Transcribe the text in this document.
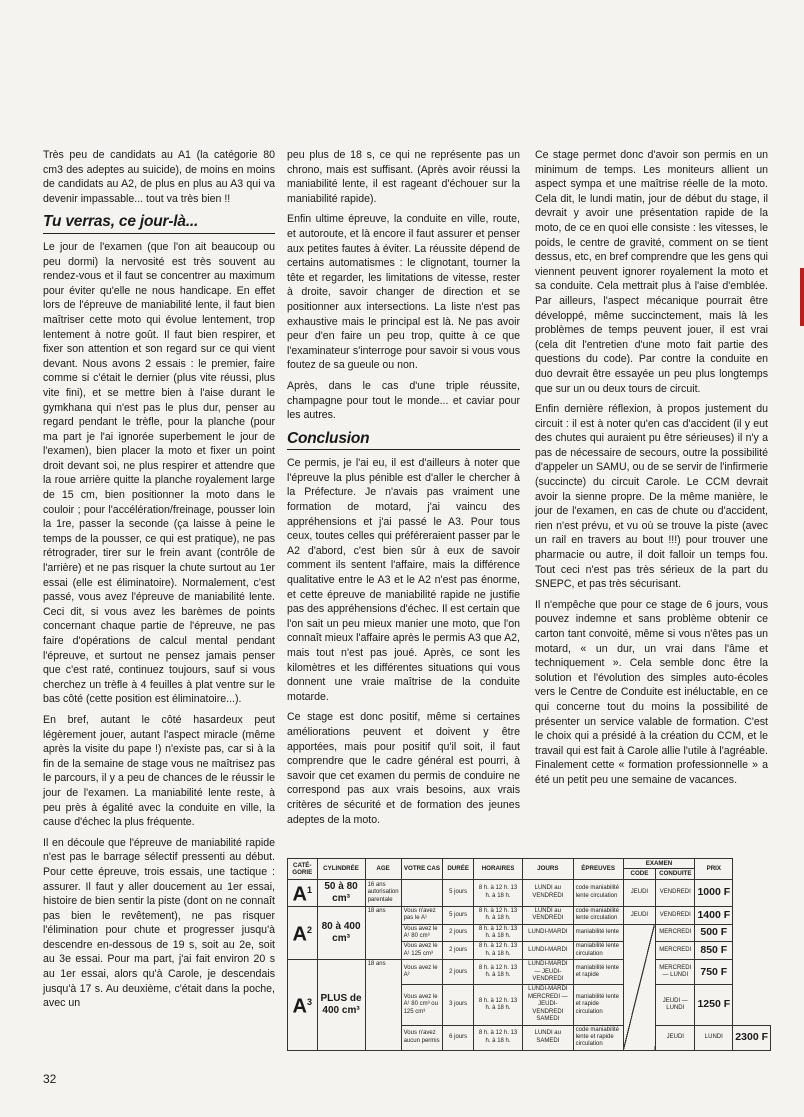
Très peu de candidats au A1 (la catégorie 80 cm3 des adeptes au suicide), de moins en moins de candidats au A2, de plus en plus au A3 qui va devenir impassable... tout va très bien !!

Tu verras, ce jour-là...

Le jour de l'examen (que l'on ait beaucoup ou peu dormi) la nervosité est très souvent au rendez-vous et il faut se concentrer au maximum pour éviter qu'elle ne nous handicape. En effet lors de l'épreuve de maniabilité lente, il faut bien maîtriser cette moto qui évolue lentement, trop lentement à notre goût. Il faut bien respirer, et fixer son attention et son regard sur ce qui vient devant. Nous avons 2 essais : le premier, faire comme si c'était le dernier (plus vite réussi, plus vite fini), et se mettre bien à l'aise durant le gymkhana qui n'est pas le plus dur, penser au regard pendant le trèfle, pour la planche (pour ma part je l'ai ignorée superbement le jour de l'examen), bien placer la moto et fixer un point droit devant soi, ne plus respirer et attendre que la roue arrière quitte la planche royalement large de 15 cm, bien positionner la moto dans le couloir ; pour l'accélération/freinage, pousser loin la 1re, passer la seconde (ça laisse à peine le temps de la pousser, ce qui est pratique), ne pas rétrograder, tirer sur le frein avant (contrôle de l'arrière) et ne pas risquer la chute surtout au 1er essai (elle est éliminatoire). Normalement, c'est passé, vous avez l'épreuve de maniabilité lente. Ceci dit, si vous avez les barèmes de points concernant chaque partie de l'épreuve, ne pas faire d'opérations de calcul mental pendant l'épreuve, et surtout ne pensez jamais penser que c'est raté, continuez toujours, sauf si vous cherchez un trèfle à 4 feuilles à plat ventre sur le bas côté (cette position est éliminatoire...).

En bref, autant le côté hasardeux peut légèrement jouer, autant l'aspect miracle (même après la visite du pape !) n'existe pas, car si à la fin de la semaine de stage vous ne maîtrisez pas le parcours, il y a peu de chances de le réussir le jour de l'examen. La maniabilité lente reste, à peu près à égalité avec la conduite en ville, la cause d'échec la plus fréquente.

Il en découle que l'épreuve de maniabilité rapide n'est pas le barrage sélectif pressenti au début. Pour cette épreuve, trois essais, une tactique : assurer. Il faut y aller doucement au 1er essai, histoire de bien sentir la piste (dont on ne connaît pas bien le revêtement), ne pas risquer l'élimination pour chute et progresser jusqu'à descendre en-dessous de 19 s, soit au 2e, soit au 3e essai. Pour ma part, j'ai fait environ 20 s au 1er essai, alors qu'à Carole, je descendais jusqu'à 17 s. Au deuxième, c'était dans la poche, avec un

peu plus de 18 s, ce qui ne représente pas un chrono, mais est suffisant. (Après avoir réussi la maniabilité lente, il est rageant d'échouer sur la maniabilité rapide).

Enfin ultime épreuve, la conduite en ville, route, et autoroute, et là encore il faut assurer et penser aux petites fautes à éviter. La réussite dépend de certains automatismes : le clignotant, tourner la tête et regarder, les limitations de vitesse, rester à droite, savoir changer de direction et se positionner aux intersections. La liste n'est pas exhaustive mais le principal est là. Ne pas avoir peur d'en faire un peu trop, quitte à ce que l'examinateur s'interroge pour savoir si vous vous foutez de sa gueule ou non.

Après, dans le cas d'une triple réussite, champagne pour tout le monde... et caviar pour les autres.

Conclusion

Ce permis, je l'ai eu, il est d'ailleurs à noter que l'épreuve la plus pénible est d'aller le chercher à la Préfecture. Je n'avais pas vraiment une formation de motard, j'ai vaincu des appréhensions et j'ai passé le A3. Pour tous ceux, toutes celles qui préféreraient passer par le A2 d'abord, c'est bien sûr à eux de savoir comment ils sentent l'affaire, mais la différence qualitative entre le A3 et le A2 n'est pas énorme, et cette épreuve de maniabilité rapide ne justifie pas des appréhensions d'échec. Il est certain que l'on sait un peu mieux manier une moto, que l'on connaît mieux l'affaire après le permis A3 que A2, mais tout n'est pas joué. Après, ce sont les kilomètres et les différentes situations qui vous donnent une vraie maîtrise de la conduite motarde.

Ce stage est donc positif, même si certaines améliorations peuvent et doivent y être apportées, mais pour positif qu'il soit, il faut comprendre que le cadre général est pourri, à savoir que cet examen du permis de conduire ne correspond pas aux vrais besoins, aux vrais critères de sécurité et de formation des jeunes adeptes de la moto.

Ce stage permet donc d'avoir son permis en un minimum de temps. Les moniteurs allient un aspect sympa et une maîtrise réelle de la moto. Cela dit, le lundi matin, jour de début du stage, il devrait y avoir une présentation rapide de la moto, de ce en quoi elle consiste : les vitesses, le poids, le centre de gravité, comment on se tient dessus, etc, en bref comprendre que les gens qui viennent peuvent ignorer royalement la moto et sa conduite. Cela mettrait plus à l'aise d'emblée. Par ailleurs, l'aspect mécanique pourrait être développé, même succinctement, mais là les problèmes de temps peuvent jouer, il est vrai (cela dit l'entretien d'une moto fait partie des questions du code). Par contre la conduite en duo devrait être essayée un peu plus longtemps que sur un ou deux tours de circuit.

Enfin dernière réflexion, à propos justement du circuit : il est à noter qu'en cas d'accident (il y eut des chutes qui auraient pu être sérieuses) il n'y a pas de nécessaire de secours, outre la possibilité d'appeler un SAMU, ou de se servir de l'infirmerie (succincte) du circuit Carole. Le CCM devrait avoir la sienne propre. De la même manière, le jour de l'examen, en cas de chute ou d'accident, rien n'est prévu, et vu où se trouve la piste (avec un rail en travers au bout !!!) pour trouver une pharmacie ou autre, il doit falloir un temps fou. Tout ceci n'est pas très sérieux de la part du SNEPC, et pas très sécurisant.

Il n'empêche que pour ce stage de 6 jours, vous pouvez indemne et sans problème obtenir ce carton tant convoité, même si vous n'êtes pas un motard, « un dur, un vrai dans l'âme et techniquement ». Cela semble donc être la solution et l'évolution des simples auto-écoles vers le Centre de Conduite est inéluctable, en ce qui concerne tout du moins la possibilité de présenter un service valable de formation. C'est le choix qui a présidé à la création du CCM, et le travail qui est fait à Carole allie l'utile à l'agréable. Finalement cette « formation professionnelle » a été un petit peu une semaine de vacances.

CATÉ-GORIE	CYLINDRÉE	AGE	VOTRE CAS	DURÉE	HORAIRES	JOURS	ÉPREUVES	EXAMEN		PRIX	
								CODE	CONDUITE		
$A^1$	50 à 80 cm³	16 ans autorisation parentale		5 jours	8 h. à 12 h. 13 h. à 18 h.	LUNDI au VENDREDI	code maniabilité lente circulation	JEUDI	VENDREDI	1000 F	
$A^2$	80 à 400 cm³	18 ans	Vous n'avez pas le A¹	5 jours	8 h. à 12 h. 13 h. à 18 h.	LUNDI au VENDREDI	code maniabilité lente circulation	JEUDI	VENDREDI	1400 F	
			Vous avez le A¹ 80 cm³	2 jours	8 h. à 12 h. 13 h. à 18 h.	LUNDI-MARDI	maniabilité lente		MERCREDI	500 F	
			Vous avez le A¹ 125 cm³	2 jours	8 h. à 12 h. 13 h. à 18 h.	LUNDI-MARDI	maniabilité lente circulation		MERCREDI	850 F	
$A^3$	PLUS de 400 cm³	18 ans	Vous avez le A²	2 jours	8 h. à 12 h. 13 h. à 18 h.	LUNDI-MARDI — JEUDI-VENDREDI	maniabilité lente et rapide		MERCREDI — LUNDI	750 F	
			Vous avez le A¹ 80 cm³ ou 125 cm³	3 jours	8 h. à 12 h. 13 h. à 18 h.	LUNDI-MARDI MERCREDI — JEUDI-VENDREDI SAMEDI	maniabilité lente et rapide circulation		JEUDI — LUNDI	1250 F	
			Vous n'avez aucun permis	6 jours	8 h. à 12 h. 13 h. à 18 h.	LUNDI au SAMEDI	code maniabilité lente et rapide circulation		JEUDI	LUNDI	2300 F
32
